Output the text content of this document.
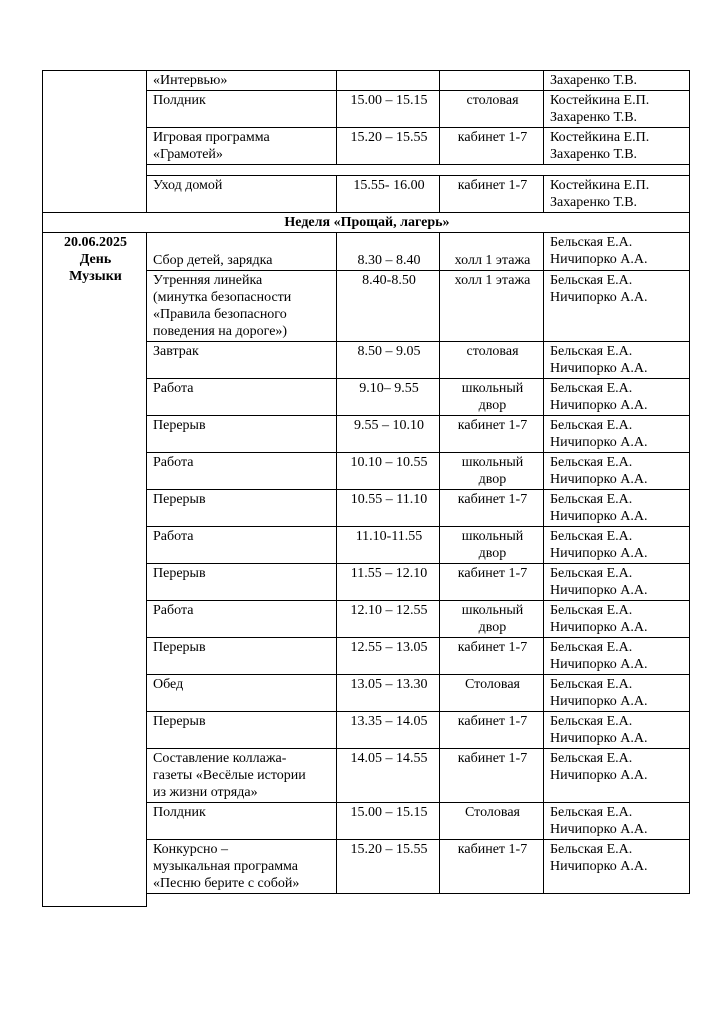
	«Интервью»			Захаренко Т.В.

	Полдник	15.00 – 15.15	столовая	Костейкина Е.П.
Захаренко Т.В.

	Игровая программа
«Грамотей»	15.20 – 15.55	кабинет 1-7	Костейкина Е.П.
Захаренко Т.В.

	Уход домой	15.55- 16.00	кабинет 1-7	Костейкина Е.П.
Захаренко Т.В.

Неделя «Прощай, лагерь»				

20.06.2025
День
Музыки	Сбор детей, зарядка	8.30 – 8.40	холл 1 этажа	Бельская Е.А.
Ничипорко А.А.

	Утренняя линейка
(минутка безопасности
«Правила безопасного
поведения на дороге»)	8.40-8.50	холл 1 этажа	Бельская Е.А.
Ничипорко А.А.

	Завтрак	8.50 – 9.05	столовая	Бельская Е.А.
Ничипорко А.А.

	Работа	9.10– 9.55	школьный
двор	Бельская Е.А.
Ничипорко А.А.

	Перерыв	9.55 – 10.10	кабинет 1-7	Бельская Е.А.
Ничипорко А.А.

	Работа	10.10 – 10.55	школьный
двор	Бельская Е.А.
Ничипорко А.А.

	Перерыв	10.55 – 11.10	кабинет 1-7	Бельская Е.А.
Ничипорко А.А.

	Работа	11.10-11.55	школьный
двор	Бельская Е.А.
Ничипорко А.А.

	Перерыв	11.55 – 12.10	кабинет 1-7	Бельская Е.А.
Ничипорко А.А.

	Работа	12.10 – 12.55	школьный
двор	Бельская Е.А.
Ничипорко А.А.

	Перерыв	12.55 – 13.05	кабинет 1-7	Бельская Е.А.
Ничипорко А.А.

	Обед	13.05 – 13.30	Столовая	Бельская Е.А.
Ничипорко А.А.

	Перерыв	13.35 – 14.05	кабинет 1-7	Бельская Е.А.
Ничипорко А.А.

	Составление коллажа-
газеты «Весёлые истории
из жизни отряда»	14.05 – 14.55	кабинет 1-7	Бельская Е.А.
Ничипорко А.А.

	Полдник	15.00 – 15.15	Столовая	Бельская Е.А.
Ничипорко А.А.

	Конкурсно –
музыкальная программа
«Песню берите с собой»	15.20 – 15.55	кабинет 1-7	Бельская Е.А.
Ничипорко А.А.
